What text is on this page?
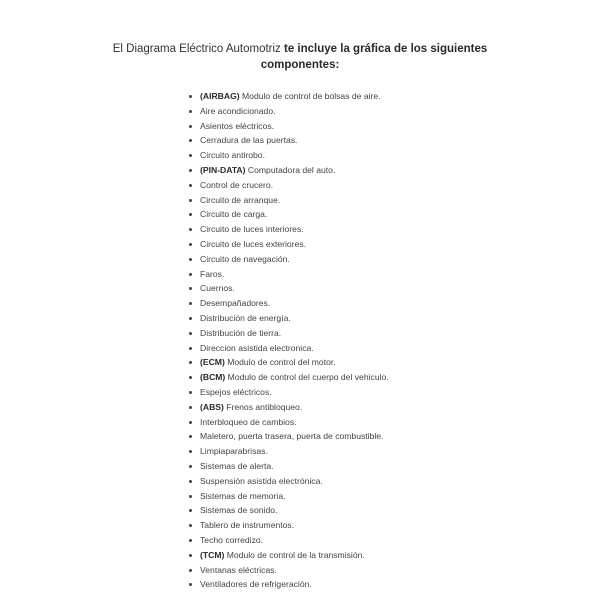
El Diagrama Eléctrico Automotriz te incluye la gráfica de los siguientes componentes:
(AIRBAG) Modulo de control de bolsas de aire.
Aire acondicionado.
Asientos eléctricos.
Cerradura de las puertas.
Circuito antirobo.
(PIN-DATA) Computadora del auto.
Control de crucero.
Circuito de arranque.
Circuito de carga.
Circuito de luces interiores.
Circuito de luces exteriores.
Circuito de navegación.
Faros.
Cuernos.
Desempañadores.
Distribución de energía.
Distribución de tierra.
Direccion asistida electronica.
(ECM) Modulo de control del motor.
(BCM) Modulo de control del cuerpo del vehiculo.
Espejos eléctricos.
(ABS) Frenos antibloqueo.
Interbloqueo de cambios.
Maletero, puerta trasera, puerta de combustible.
Limpiaparabrisas.
Sistemas de alerta.
Suspensión asistida electrónica.
Sistemas de memoria.
Sistemas de sonido.
Tablero de instrumentos.
Techo corredizo.
(TCM) Modulo de control de la transmisión.
Ventanas eléctricas.
Ventiladores de refrigeración.
